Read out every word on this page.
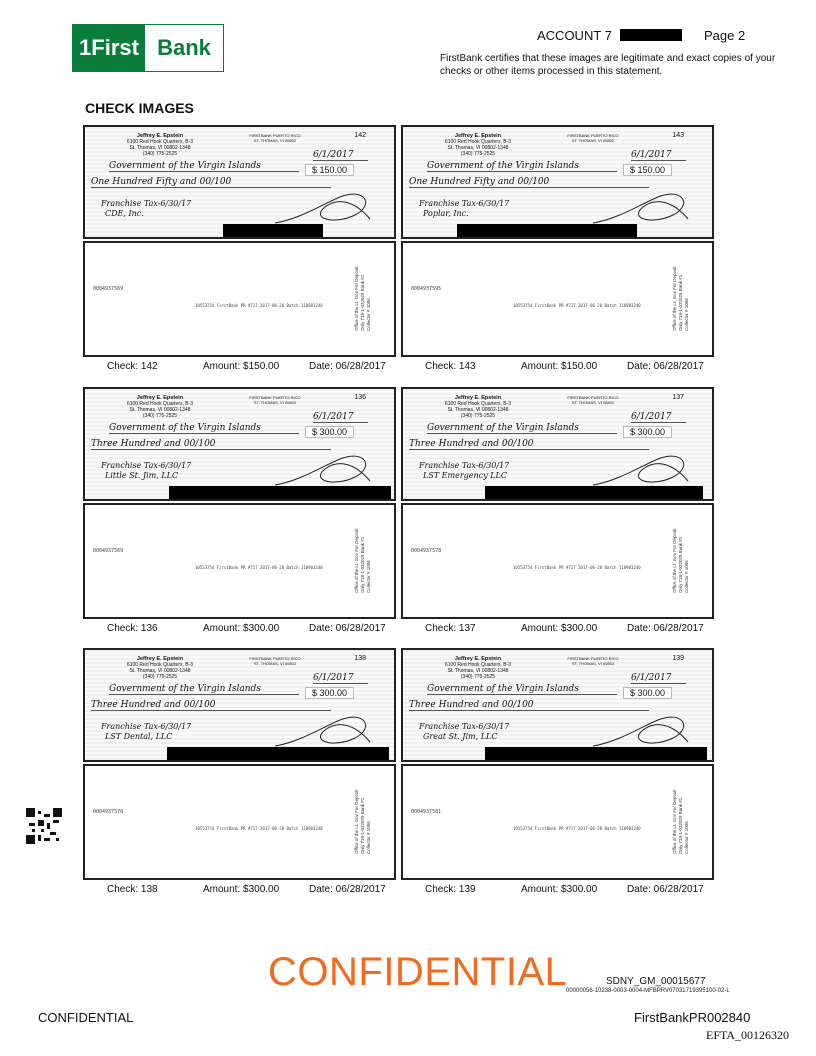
1First Bank	ACCOUNT 7	Page 2
FirstBank certifies that these images are legitimate and exact copies of your checks or other items processed in this statement.
CHECK IMAGES
Jeffrey E. Epstein
6100 Red Hook Quarters, B-3
St. Thomas, VI 00802-1348
(340) 775-2525
FIRSTBANK PUERTO RICO
ST. THOMAS, VI 00802
142
6/1/2017
Government of the Virgin Islands	$ 150.00
One Hundred Fifty and 00/100
Franchise Tax-6/30/17
CDE, Inc.
0004937569
10553754 FirstBank PR #717 2017-06-28 Batch 110903240	Office of the Lt. Gov For Deposit Only 718-1-032029 Bank #1 Collector # 1006
Check: 142	Amount: $150.00	Date: 06/28/2017
Jeffrey E. Epstein
6100 Red Hook Quarters, B-3
St. Thomas, VI 00802-1348
(340) 775-2525
FIRSTBANK PUERTO RICO
ST. THOMAS, VI 00802
143
6/1/2017
Government of the Virgin Islands	$ 150.00
One Hundred Fifty and 00/100
Franchise Tax-6/30/17
Poplar, Inc.
0004937595
10553754 FirstBank PR #717 2017-06-28 Batch 110903240	Office of the Lt. Gov For Deposit Only 718-1-032029 Bank #1 Collector # 1006
Check: 143	Amount: $150.00	Date: 06/28/2017
Jeffrey E. Epstein
6100 Red Hook Quarters, B-3
St. Thomas, VI 00802-1348
(340) 775-2525
FIRSTBANK PUERTO RICO
ST. THOMAS, VI 00802
136
6/1/2017
Government of the Virgin Islands	$ 300.00
Three Hundred and 00/100
Franchise Tax-6/30/17
Little St. Jim, LLC
0004937569
10553754 FirstBank PR #717 2017-06-28 Batch 110903240	Office of the Lt. Gov For Deposit Only 718-1-032029 Bank #1 Collector # 1006
Check: 136	Amount: $300.00	Date: 06/28/2017
Jeffrey E. Epstein
6100 Red Hook Quarters, B-3
St. Thomas, VI 00802-1348
(340) 775-2525
FIRSTBANK PUERTO RICO
ST. THOMAS, VI 00802
137
6/1/2017
Government of the Virgin Islands	$ 300.00
Three Hundred and 00/100
Franchise Tax-6/30/17
LST Emergency LLC
0004937578
10553754 FirstBank PR #717 2017-06-28 Batch 110903240	Office of the Lt. Gov For Deposit Only 718-1-032029 Bank #1 Collector # 1006
Check: 137	Amount: $300.00	Date: 06/28/2017
Jeffrey E. Epstein
6100 Red Hook Quarters, B-3
St. Thomas, VI 00802-1348
(340) 775-2525
FIRSTBANK PUERTO RICO
ST. THOMAS, VI 00802
138
6/1/2017
Government of the Virgin Islands	$ 300.00
Three Hundred and 00/100
Franchise Tax-6/30/17
LST Dental, LLC
0004937570
10553754 FirstBank PR #717 2017-06-28 Batch 110903240	Office of the Lt. Gov For Deposit Only 718-1-032029 Bank #1 Collector # 1006
Check: 138	Amount: $300.00	Date: 06/28/2017
Jeffrey E. Epstein
6100 Red Hook Quarters, B-3
St. Thomas, VI 00802-1348
(340) 775-2525
FIRSTBANK PUERTO RICO
ST. THOMAS, VI 00802
139
6/1/2017
Government of the Virgin Islands	$ 300.00
Three Hundred and 00/100
Franchise Tax-6/30/17
Great St. Jim, LLC
0004937581
10553754 FirstBank PR #717 2017-06-28 Batch 110903240	Office of the Lt. Gov For Deposit Only 718-1-032029 Bank #1 Collector # 1006
Check: 139	Amount: $300.00	Date: 06/28/2017
CONFIDENTIAL	SDNY_GM_00015677
00000056-10238-0003-0004-MFBPRV07031719395100-02-L
CONFIDENTIAL	FirstBankPR002840
EFTA_00126320
